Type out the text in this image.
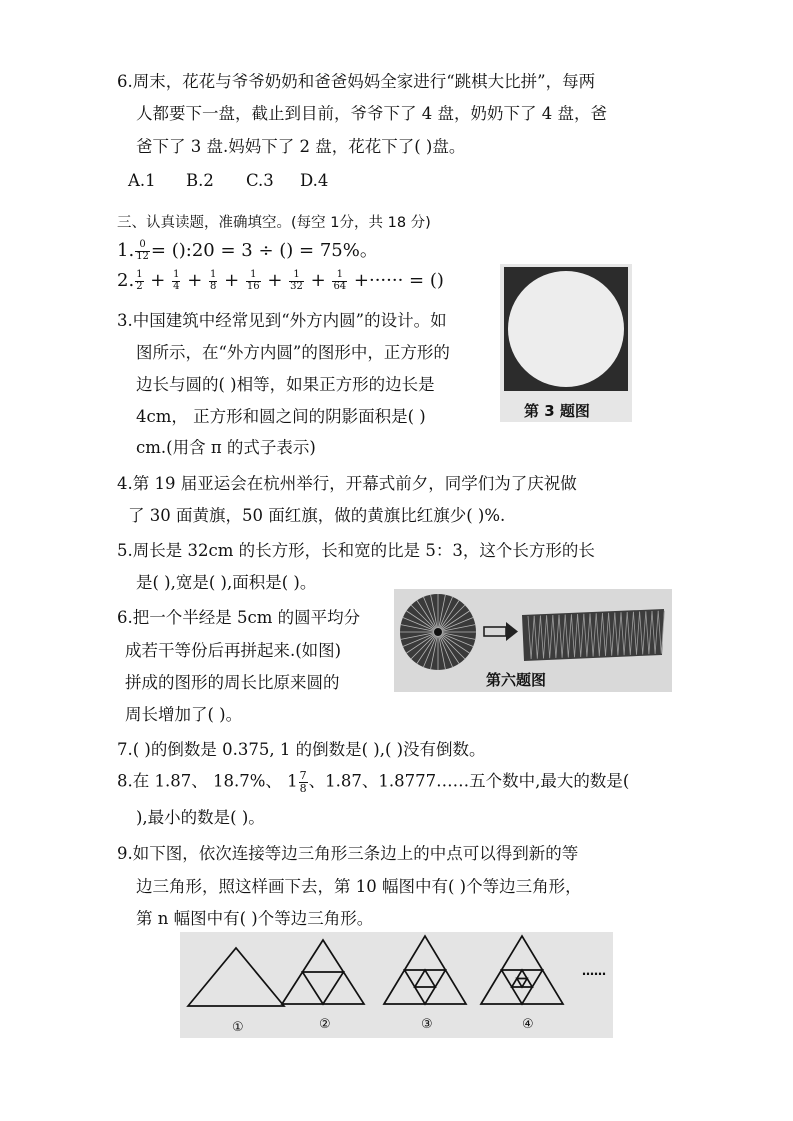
6.周末，花花与爷爷奶奶和爸爸妈妈全家进行“跳棋大比拼”，每两
人都要下一盘，截止到目前，爷爷下了 4 盘，奶奶下了 4 盘，爸
爸下了 3 盘.妈妈下了 2 盘，花花下了( )盘。
A.1 B.2 C.3 D.4
三、认真读题，准确填空。(每空 1分，共 18 分)
1. $\frac{0}{12}$ = ():20 = 3 ÷ () = 75%。
2. $\frac{1}{2} + \frac{1}{4} + \frac{1}{8} + \frac{1}{16} + \frac{1}{32} + \frac{1}{64}$ +······ = ()
第 3 题图
3.中国建筑中经常见到“外方内圆”的设计。如
图所示，在“外方内圆”的图形中，正方形的
边长与圆的( )相等，如果正方形的边长是
4cm， 正方形和圆之间的阴影面积是( )
cm.(用含 π 的式子表示)
4.第 19 届亚运会在杭州举行，开幕式前夕，同学们为了庆祝做
了 30 面黄旗，50 面红旗，做的黄旗比红旗少( )%.
5.周长是 32cm 的长方形，长和宽的比是 5：3，这个长方形的长
是( ),宽是( ),面积是( )。
第六题图
6.把一个半经是 5cm 的圆平均分
成若干等份后再拼起来.(如图)
拼成的图形的周长比原来圆的
周长增加了( )。
7.( )的倒数是 0.375, 1 的倒数是( ),( )没有倒数。
8.在 1.87、 18.7%、 $1 \frac{7}{8}$ 、1.87、1.8777……五个数中,最大的数是(
),最小的数是( )。
9.如下图，依次连接等边三角形三条边上的中点可以得到新的等
边三角形，照这样画下去，第 10 幅图中有( )个等边三角形，
第 n 幅图中有( )个等边三角形。
……
①	②	③	④
